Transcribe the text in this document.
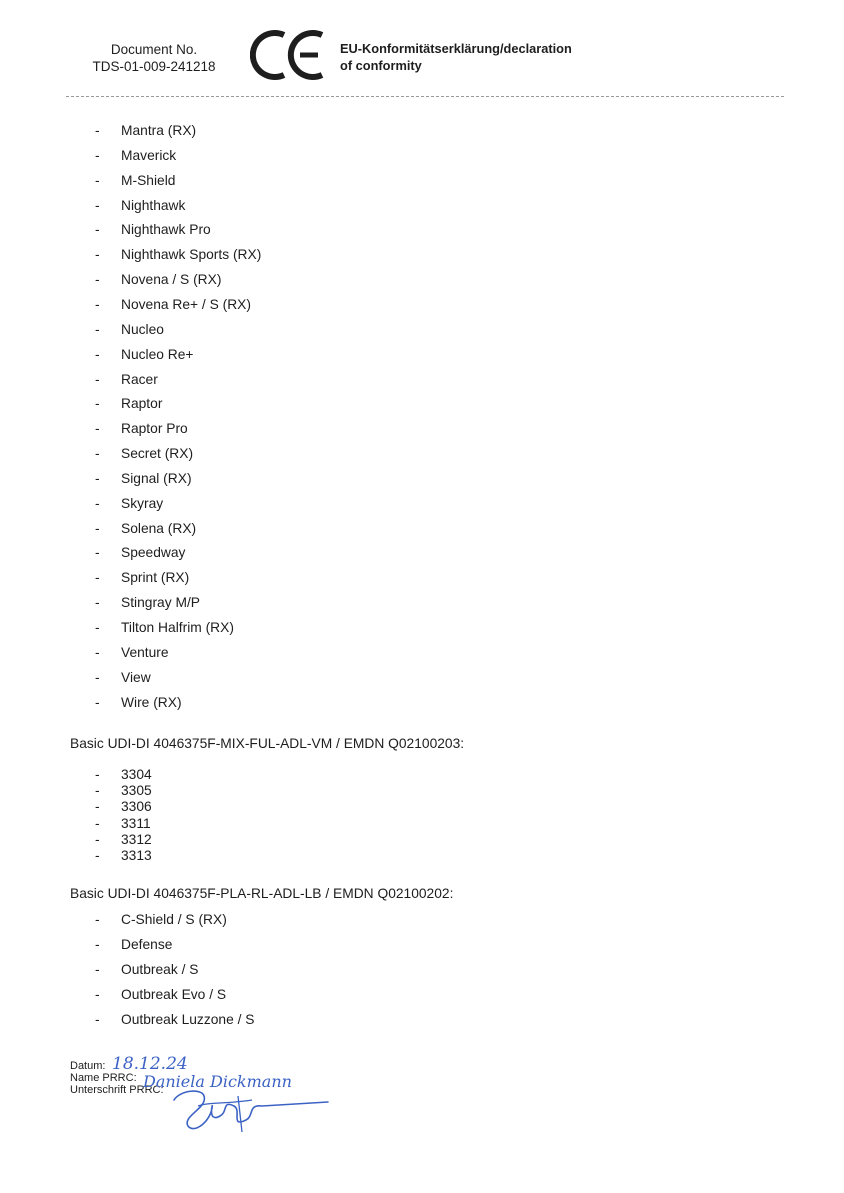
Document No.
TDS-01-009-241218
EU-Konformitätserklärung/declaration
of conformity
-	Mantra (RX)
-	Maverick
-	M-Shield
-	Nighthawk
-	Nighthawk Pro
-	Nighthawk Sports (RX)
-	Novena / S (RX)
-	Novena Re+ / S (RX)
-	Nucleo
-	Nucleo Re+
-	Racer
-	Raptor
-	Raptor Pro
-	Secret (RX)
-	Signal (RX)
-	Skyray
-	Solena (RX)
-	Speedway
-	Sprint (RX)
-	Stingray M/P
-	Tilton Halfrim (RX)
-	Venture
-	View
-	Wire (RX)
Basic UDI-DI 4046375F-MIX-FUL-ADL-VM / EMDN Q02100203:
-	3304
-	3305
-	3306
-	3311
-	3312
-	3313
Basic UDI-DI 4046375F-PLA-RL-ADL-LB / EMDN Q02100202:
-	C-Shield / S (RX)
-	Defense
-	Outbreak / S
-	Outbreak Evo / S
-	Outbreak Luzzone / S
Datum:
Name PRRC:
Unterschrift PRRC:
18.12.24
Daniela Dickmann
